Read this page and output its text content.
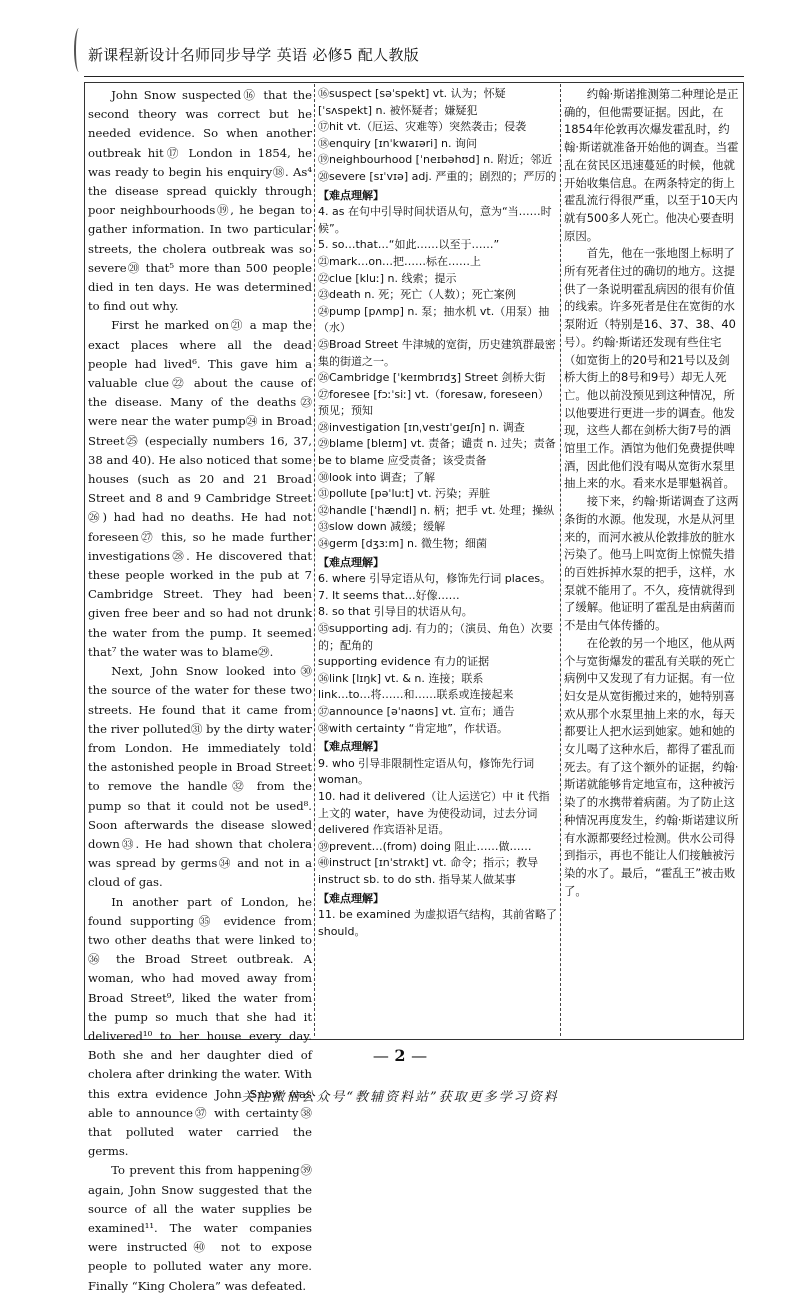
新课程新设计名师同步导学 英语 必修5 配人教版

John Snow suspected⑯ that the second theory was correct but he needed evidence. So when another outbreak hit⑰ London in 1854, he was ready to begin his enquiry⑱. As⁴ the disease spread quickly through poor neighbourhoods⑲, he began to gather information. In two particular streets, the cholera outbreak was so severe⑳ that⁵ more than 500 people died in ten days. He was determined to find out why.

First he marked on㉑ a map the exact places where all the dead people had lived⁶. This gave him a valuable clue㉒ about the cause of the disease. Many of the deaths㉓ were near the water pump㉔ in Broad Street㉕ (especially numbers 16, 37, 38 and 40). He also noticed that some houses (such as 20 and 21 Broad Street and 8 and 9 Cambridge Street㉖) had had no deaths. He had not foreseen㉗ this, so he made further investigations㉘. He discovered that these people worked in the pub at 7 Cambridge Street. They had been given free beer and so had not drunk the water from the pump. It seemed that⁷ the water was to blame㉙.

Next, John Snow looked into㉚ the source of the water for these two streets. He found that it came from the river polluted㉛ by the dirty water from London. He immediately told the astonished people in Broad Street to remove the handle㉜ from the pump so that it could not be used⁸. Soon afterwards the disease slowed down㉝. He had shown that cholera was spread by germs㉞ and not in a cloud of gas.

In another part of London, he found supporting㉟ evidence from two other deaths that were linked to㊱ the Broad Street outbreak. A woman, who had moved away from Broad Street⁹, liked the water from the pump so much that she had it delivered¹⁰ to her house every day. Both she and her daughter died of cholera after drinking the water. With this extra evidence John Snow was able to announce㊲ with certainty㊳ that polluted water carried the germs.

To prevent this from happening㊴ again, John Snow suggested that the source of all the water supplies be examined¹¹. The water companies were instructed㊵ not to expose people to polluted water any more. Finally “King Cholera” was defeated.

⑯suspect [səˈspekt] vt. 认为；怀疑 [ˈsʌspekt] n. 被怀疑者；嫌疑犯
⑰hit vt.（厄运、灾难等）突然袭击；侵袭
⑱enquiry [ɪnˈkwaɪəri] n. 询问
⑲neighbourhood [ˈneɪbəhʊd] n. 附近；邻近
⑳severe [sɪˈvɪə] adj. 严重的；剧烈的；严厉的
【难点理解】
4. as 在句中引导时间状语从句，意为“当……时候”。
5. so…that…“如此……以至于……”
㉑mark…on…把……标在……上
㉒clue [kluː] n. 线索；提示
㉓death n. 死；死亡（人数）；死亡案例
㉔pump [pʌmp] n. 泵；抽水机 vt.（用泵）抽（水）
㉕Broad Street 牛津城的宽街，历史建筑群最密集的街道之一。
㉖Cambridge [ˈkeɪmbrɪdʒ] Street 剑桥大街
㉗foresee [fɔːˈsiː] vt.（foresaw, foreseen）预见；预知
㉘investigation [ɪnˌvestɪˈɡeɪʃn] n. 调查
㉙blame [bleɪm] vt. 责备；谴责 n. 过失；责备
be to blame 应受责备；该受责备
㉚look into 调查；了解
㉛pollute [pəˈluːt] vt. 污染；弄脏
㉜handle [ˈhændl] n. 柄；把手 vt. 处理；操纵
㉝slow down 减缓；缓解
㉞germ [dʒɜːm] n. 微生物；细菌
【难点理解】
6. where 引导定语从句，修饰先行词 places。
7. It seems that…好像……
8. so that 引导目的状语从句。
㉟supporting adj. 有力的；（演员、角色）次要的；配角的
supporting evidence 有力的证据
㊱link [lɪŋk] vt. & n. 连接；联系
link…to…将……和……联系或连接起来
㊲announce [əˈnaʊns] vt. 宣布；通告
㊳with certainty “肯定地”，作状语。
【难点理解】
9. who 引导非限制性定语从句，修饰先行词 woman。
10. had it delivered（让人运送它）中 it 代指上文的 water，have 为使役动词，过去分词 delivered 作宾语补足语。
㊴prevent…(from) doing 阻止……做……
㊵instruct [ɪnˈstrʌkt] vt. 命令；指示；教导
instruct sb. to do sth. 指导某人做某事
【难点理解】
11. be examined 为虚拟语气结构，其前省略了 should。

约翰·斯诺推测第二种理论是正确的，但他需要证据。因此，在1854年伦敦再次爆发霍乱时，约翰·斯诺就准备开始他的调查。当霍乱在贫民区迅速蔓延的时候，他就开始收集信息。在两条特定的街上霍乱流行得很严重，以至于10天内就有500多人死亡。他决心要查明原因。

首先，他在一张地图上标明了所有死者住过的确切的地方。这提供了一条说明霍乱病因的很有价值的线索。许多死者是住在宽街的水泵附近（特别是16、37、38、40号）。约翰·斯诺还发现有些住宅（如宽街上的20号和21号以及剑桥大街上的8号和9号）却无人死亡。他以前没预见到这种情况，所以他要进行更进一步的调查。他发现，这些人都在剑桥大街7号的酒馆里工作。酒馆为他们免费提供啤酒，因此他们没有喝从宽街水泵里抽上来的水。看来水是罪魁祸首。

接下来，约翰·斯诺调查了这两条街的水源。他发现，水是从河里来的，而河水被从伦敦排放的脏水污染了。他马上叫宽街上惊慌失措的百姓拆掉水泵的把手，这样，水泵就不能用了。不久，疫情就得到了缓解。他证明了霍乱是由病菌而不是由气体传播的。

在伦敦的另一个地区，他从两个与宽街爆发的霍乱有关联的死亡病例中又发现了有力证据。有一位妇女是从宽街搬过来的，她特别喜欢从那个水泵里抽上来的水，每天都要让人把水运到她家。她和她的女儿喝了这种水后，都得了霍乱而死去。有了这个额外的证据，约翰·斯诺就能够肯定地宣布，这种被污染了的水携带着病菌。为了防止这种情况再度发生，约翰·斯诺建议所有水源都要经过检测。供水公司得到指示，再也不能让人们接触被污染的水了。最后，“霍乱王”被击败了。

— 2 —
关注微信公众号“教辅资料站”获取更多学习资料
